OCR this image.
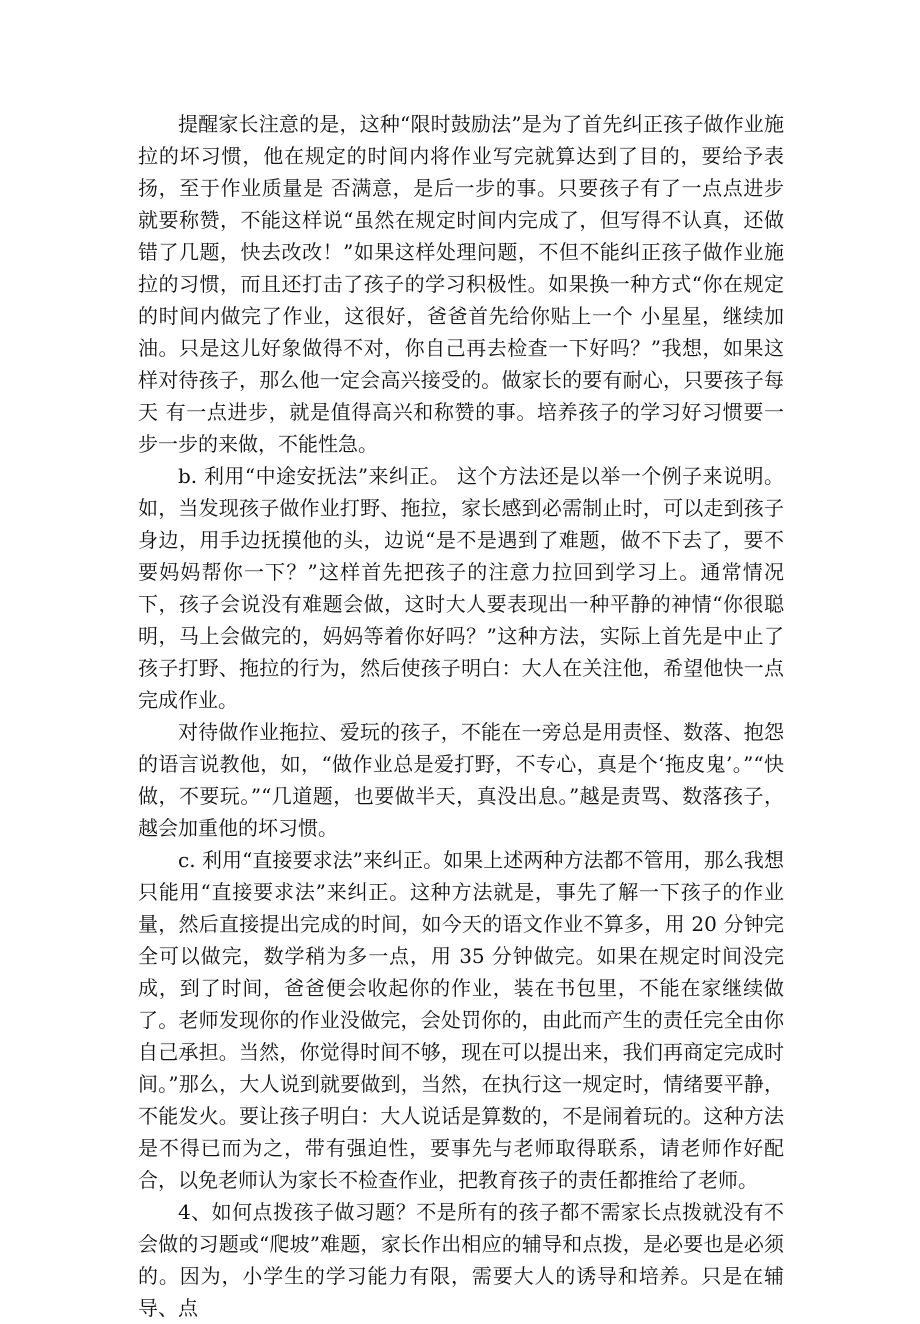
提醒家长注意的是，这种“限时鼓励法”是为了首先纠正孩子做作业施拉的坏习惯，他在规定的时间内将作业写完就算达到了目的，要给予表扬，至于作业质量是 否满意，是后一步的事。只要孩子有了一点点进步就要称赞，不能这样说“虽然在规定时间内完成了，但写得不认真，还做错了几题，快去改改！”如果这样处理问题，不但不能纠正孩子做作业施拉的习惯，而且还打击了孩子的学习积极性。如果换一种方式“你在规定的时间内做完了作业，这很好，爸爸首先给你贴上一个 小星星，继续加油。只是这儿好象做得不对，你自己再去检查一下好吗？”我想，如果这样对待孩子，那么他一定会高兴接受的。做家长的要有耐心，只要孩子每天 有一点进步，就是值得高兴和称赞的事。培养孩子的学习好习惯要一步一步的来做，不能性急。

b. 利用“中途安抚法”来纠正。 这个方法还是以举一个例子来说明。如，当发现孩子做作业打野、拖拉，家长感到必需制止时，可以走到孩子身边，用手边抚摸他的头，边说“是不是遇到了难题，做不下去了，要不要妈妈帮你一下？”这样首先把孩子的注意力拉回到学习上。通常情况下，孩子会说没有难题会做，这时大人要表现出一种平静的神情“你很聪明，马上会做完的，妈妈等着你好吗？”这种方法，实际上首先是中止了孩子打野、拖拉的行为，然后使孩子明白：大人在关注他，希望他快一点完成作业。

对待做作业拖拉、爱玩的孩子，不能在一旁总是用责怪、数落、抱怨的语言说教他，如，“做作业总是爱打野，不专心，真是个‘拖皮鬼’。”“快做，不要玩。”“几道题，也要做半天，真没出息。”越是责骂、数落孩子，越会加重他的坏习惯。

c. 利用“直接要求法”来纠正。如果上述两种方法都不管用，那么我想只能用“直接要求法”来纠正。这种方法就是，事先了解一下孩子的作业量，然后直接提出完成的时间，如今天的语文作业不算多，用 20 分钟完全可以做完，数学稍为多一点，用 35 分钟做完。如果在规定时间没完成，到了时间，爸爸便会收起你的作业，装在书包里，不能在家继续做了。老师发现你的作业没做完，会处罚你的，由此而产生的责任完全由你自己承担。当然，你觉得时间不够，现在可以提出来，我们再商定完成时间。”那么，大人说到就要做到，当然，在执行这一规定时，情绪要平静，不能发火。要让孩子明白：大人说话是算数的，不是闹着玩的。这种方法是不得已而为之，带有强迫性，要事先与老师取得联系，请老师作好配合，以免老师认为家长不检查作业，把教育孩子的责任都推给了老师。

4、如何点拨孩子做习题？不是所有的孩子都不需家长点拨就没有不会做的习题或“爬坡”难题，家长作出相应的辅导和点拨，是必要也是必须的。因为，小学生的学习能力有限，需要大人的诱导和培养。只是在辅导、点
